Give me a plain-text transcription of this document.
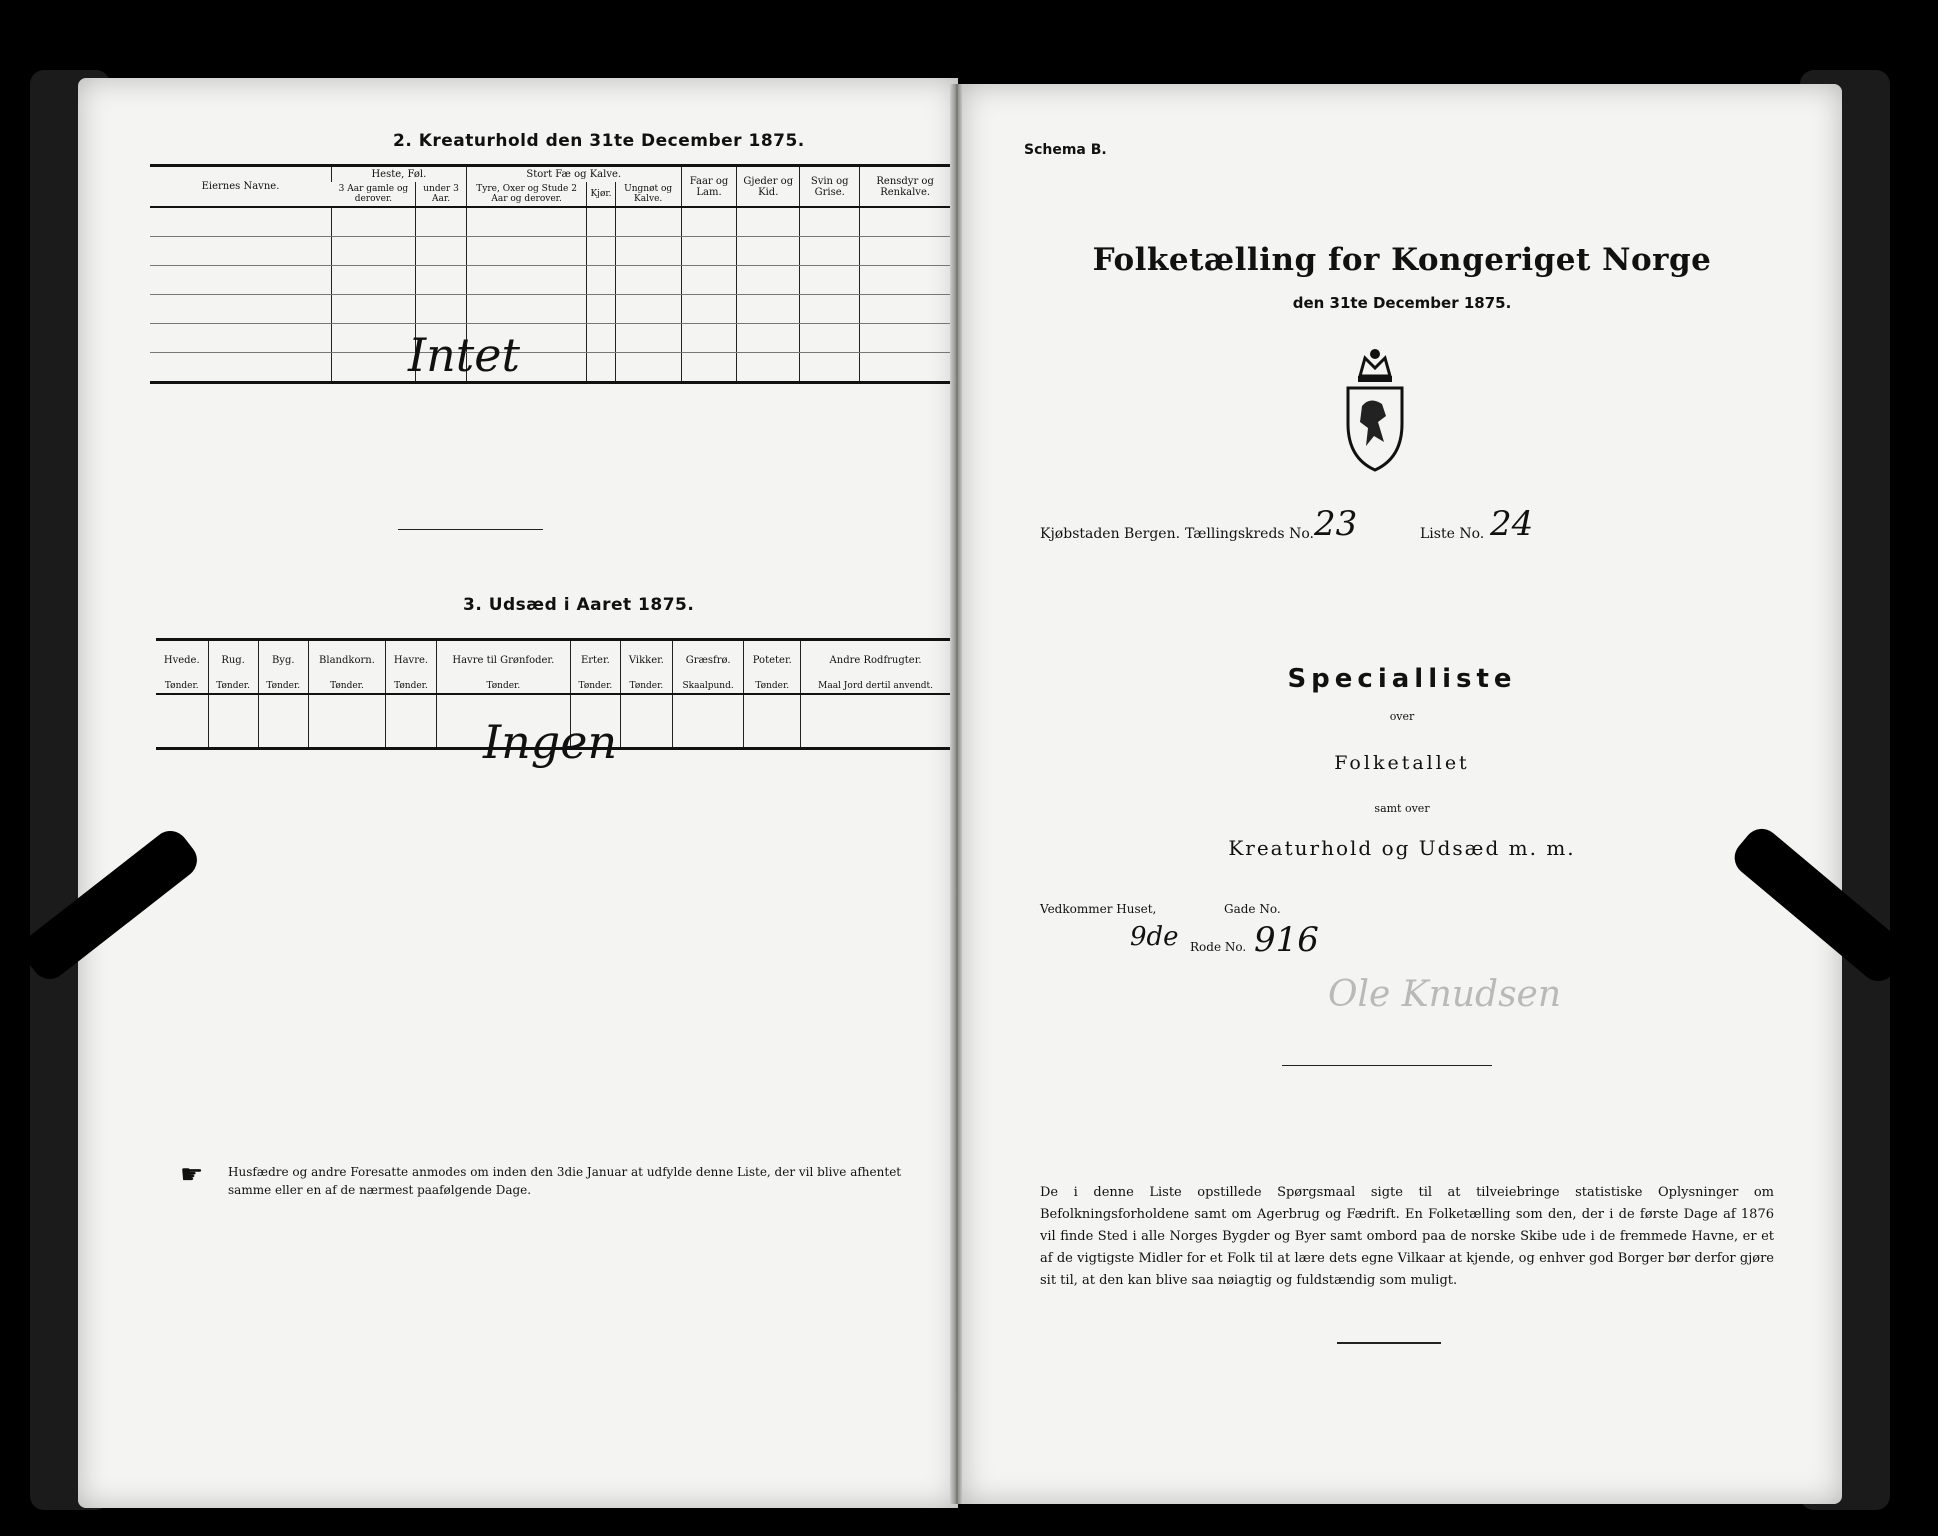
2. Kreaturhold den 31te December 1875.
Eiernes Navne.	Heste, Føl.		Stort Fæ og Kalve.			Faar og Lam.	Gjeder og Kid.	Svin og Grise.	Rensdyr og Renkalve.
	3 Aar gamle og derover.	under 3 Aar.	Tyre, Oxer og Stude 2 Aar og derover.	Kjør.	Ungnøt og Kalve.				

Intet
3. Udsæd i Aaret 1875.
Hvede.	Rug.	Byg.	Blandkorn.	Havre.	Havre til Grønfoder.	Erter.	Vikker.	Græsfrø.	Poteter.	Andre Rodfrugter.
Tønder.	Tønder.	Tønder.	Tønder.	Tønder.	Tønder.	Tønder.	Tønder.	Skaalpund.	Tønder.	Maal Jord dertil anvendt.

Ingen
☛ Husfædre og andre Foresatte anmodes om inden den 3die Januar at udfylde denne Liste, der vil blive afhentet samme eller en af de nærmest paafølgende Dage.
Schema B.
Folketælling for Kongeriget Norge
den 31te December 1875.
Kjøbstaden Bergen. Tællingskreds No. 23	Liste No. 24
Specialliste
over
Folketallet
samt over
Kreaturhold og Udsæd m. m.
Vedkommer Huset,	Gade No.
9de Rode No. 916
Ole Knudsen
De i denne Liste opstillede Spørgsmaal sigte til at tilveiebringe statistiske Oplysninger om Befolkningsforholdene samt om Agerbrug og Fædrift. En Folketælling som den, der i de første Dage af 1876 vil finde Sted i alle Norges Bygder og Byer samt ombord paa de norske Skibe ude i de fremmede Havne, er et af de vigtigste Midler for et Folk til at lære dets egne Vilkaar at kjende, og enhver god Borger bør derfor gjøre sit til, at den kan blive saa nøiagtig og fuldstændig som muligt.
